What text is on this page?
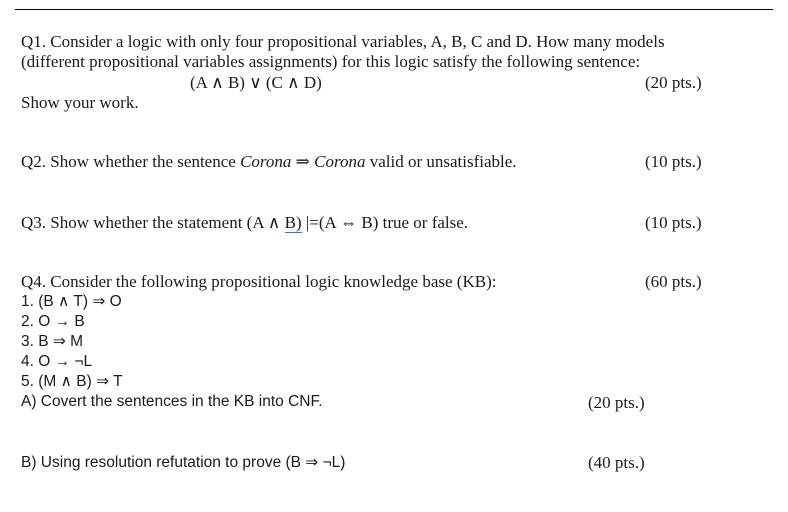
Q1. Consider a logic with only four propositional variables, A, B, C and D. How many models
(different propositional variables assignments) for this logic satisfy the following sentence:
(A ∧ B) ∨ (C ∧ D)	(20 pts.)
Show your work.
Q2. Show whether the sentence Corona ⇒ Corona valid or unsatisfiable.	(10 pts.)
Q3. Show whether the statement (A ∧ B) |=(A ⇔ B) true or false.	(10 pts.)
Q4. Consider the following propositional logic knowledge base (KB):	(60 pts.)
1. (B ∧ T) ⇒ O
2. O → B
3. B ⇒ M
4. O → ¬L
5. (M ∧ B) ⇒ T
A) Covert the sentences in the KB into CNF.	(20 pts.)
B) Using resolution refutation to prove (B ⇒ ¬L)	(40 pts.)
